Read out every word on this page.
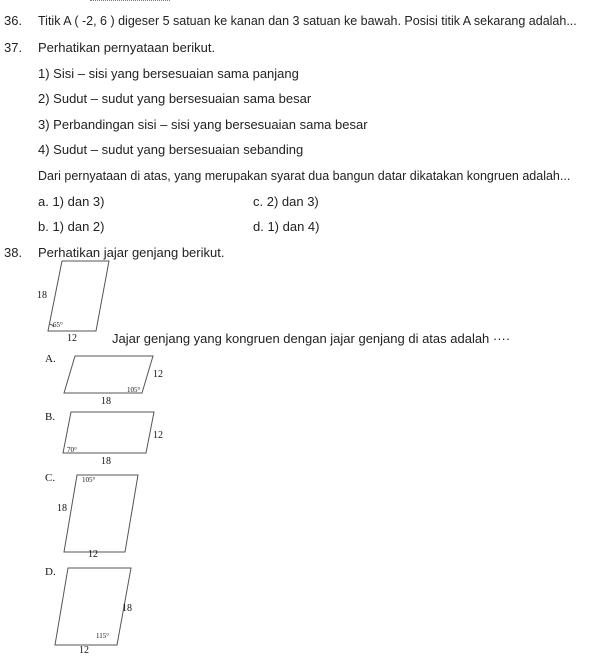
36. Titik A ( -2, 6 ) digeser 5 satuan ke kanan dan 3 satuan ke bawah. Posisi titik A sekarang adalah...
37. Perhatikan pernyataan berikut.
1) Sisi – sisi yang bersesuaian sama panjang
2) Sudut – sudut yang bersesuaian sama besar
3) Perbandingan sisi – sisi yang bersesuaian sama besar
4) Sudut – sudut yang bersesuaian sebanding
Dari pernyataan di atas, yang merupakan syarat dua bangun datar dikatakan kongruen adalah...
a. 1) dan 3)	c. 2) dan 3)
b. 1) dan 2)	d. 1) dan 4)
38. Perhatikan jajar genjang berikut.
Jajar genjang yang kongruen dengan jajar genjang di atas adalah ····
18
12
65°
A.
12
18
105°
B.
12
18
70°
C.
18
12
105°
D.
18
12
115°
